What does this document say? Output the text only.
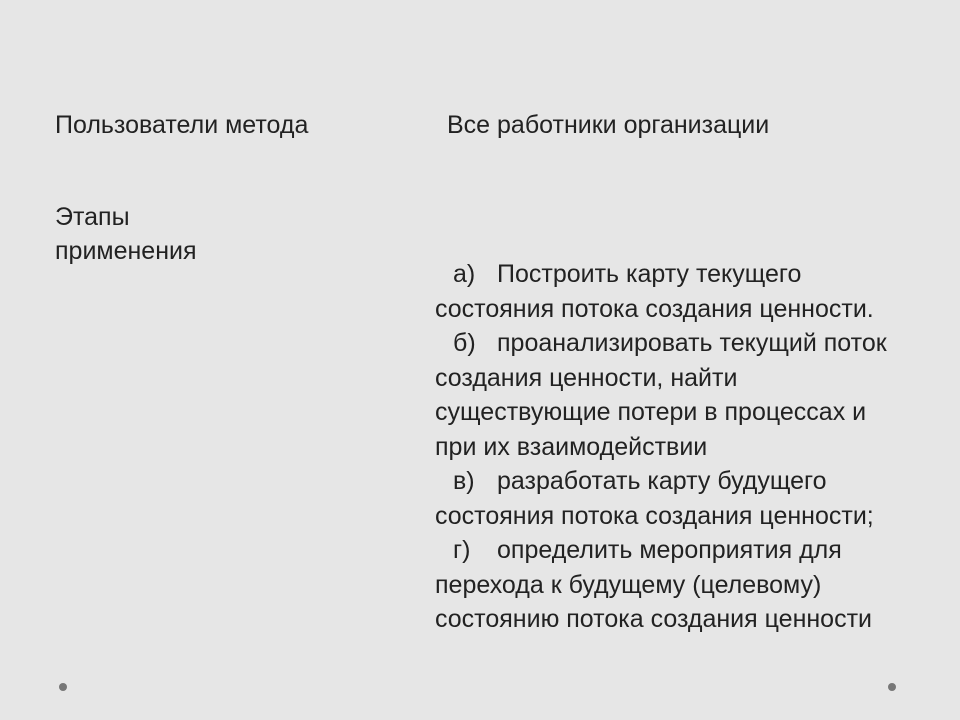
Пользователи метода	Все работники организации
Этапы
применения
а) Построить карту текущего
состояния потока создания ценности.
б) проанализировать текущий поток
создания ценности, найти
существующие потери в процессах и
при их взаимодействии
в) разработать карту будущего
состояния потока создания ценности;
г) определить мероприятия для
перехода к будущему (целевому)
состоянию потока создания ценности
